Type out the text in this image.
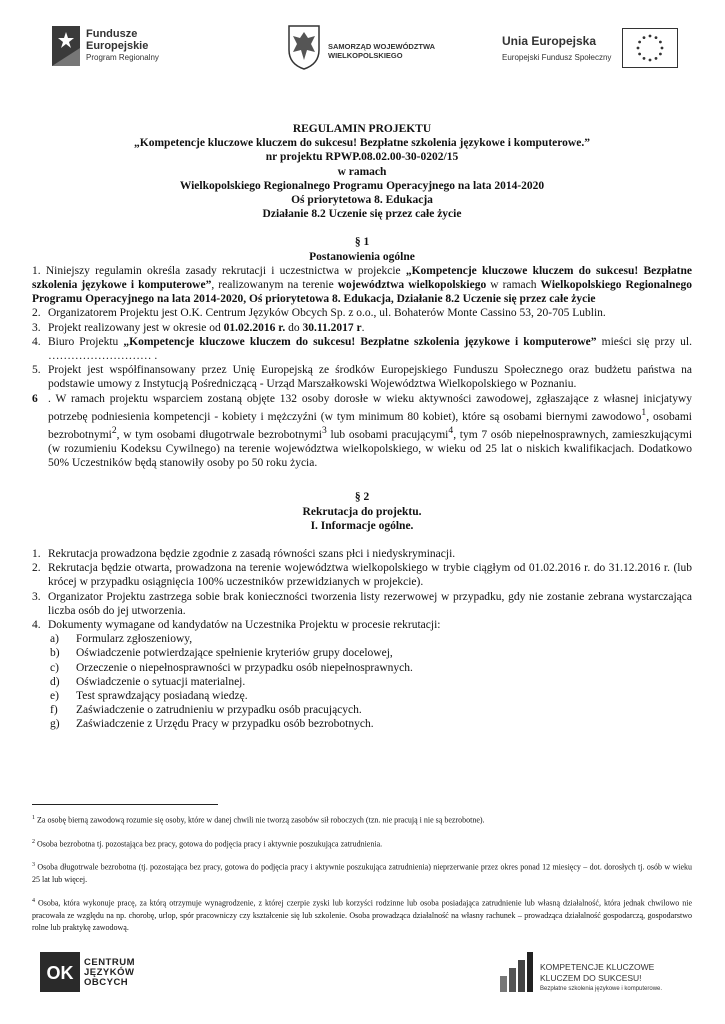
Fundusze
Europejskie
Program Regionalny
SAMORZĄD WOJEWÓDZTWA
WIELKOPOLSKIEGO
Unia Europejska
Europejski Fundusz Społeczny
REGULAMIN PROJEKTU
„Kompetencje kluczowe kluczem do sukcesu! Bezpłatne szkolenia językowe i komputerowe.”
nr projektu RPWP.08.02.00-30-0202/15
w ramach
Wielkopolskiego Regionalnego Programu Operacyjnego na lata 2014-2020
Oś priorytetowa 8. Edukacja
Działanie 8.2 Uczenie się przez całe życie
§ 1
Postanowienia ogólne
1. Niniejszy regulamin określa zasady rekrutacji i uczestnictwa w projekcie „Kompetencje kluczowe kluczem do sukcesu! Bezpłatne szkolenia językowe i komputerowe”, realizowanym na terenie województwa wielkopolskiego w ramach Wielkopolskiego Regionalnego Programu Operacyjnego na lata 2014-2020, Oś priorytetowa 8. Edukacja, Działanie 8.2 Uczenie się przez całe życie
2. Organizatorem Projektu jest O.K. Centrum Języków Obcych Sp. z o.o., ul. Bohaterów Monte Cassino 53, 20-705 Lublin.
3. Projekt realizowany jest w okresie od 01.02.2016 r. do 30.11.2017 r.
4. Biuro Projektu „Kompetencje kluczowe kluczem do sukcesu! Bezpłatne szkolenia językowe i komputerowe” mieści się przy ul. ……………………… .
5. Projekt jest współfinansowany przez Unię Europejską ze środków Europejskiego Funduszu Społecznego oraz budżetu państwa na podstawie umowy z Instytucją Pośredniczącą - Urząd Marszałkowski Województwa Wielkopolskiego w Poznaniu.
6 . W ramach projektu wsparciem zostaną objęte 132 osoby dorosłe w wieku aktywności zawodowej, zgłaszające z własnej inicjatywy potrzebę podniesienia kompetencji - kobiety i mężczyźni (w tym minimum 80 kobiet), które są osobami biernymi zawodowo$^1$, osobami bezrobotnymi$^2$, w tym osobami długotrwale bezrobotnymi$^3$ lub osobami pracującymi$^4$, tym 7 osób niepełnosprawnych, zamieszkującymi (w rozumieniu Kodeksu Cywilnego) na terenie województwa wielkopolskiego, w wieku od 25 lat o niskich kwalifikacjach. Dodatkowo 50% Uczestników będą stanowiły osoby po 50 roku życia.
§ 2
Rekrutacja do projektu.
I. Informacje ogólne.
1. Rekrutacja prowadzona będzie zgodnie z zasadą równości szans płci i niedyskryminacji.
2. Rekrutacja będzie otwarta, prowadzona na terenie województwa wielkopolskiego w trybie ciągłym od 01.02.2016 r. do 31.12.2016 r. (lub krócej w przypadku osiągnięcia 100% uczestników przewidzianych w projekcie).
3. Organizator Projektu zastrzega sobie brak konieczności tworzenia listy rezerwowej w przypadku, gdy nie zostanie zebrana wystarczająca liczba osób do jej utworzenia.
4. Dokumenty wymagane od kandydatów na Uczestnika Projektu w procesie rekrutacji:
a) Formularz zgłoszeniowy,
b) Oświadczenie potwierdzające spełnienie kryteriów grupy docelowej,
c) Orzeczenie o niepełnosprawności w przypadku osób niepełnosprawnych.
d) Oświadczenie o sytuacji materialnej.
e) Test sprawdzający posiadaną wiedzę.
f) Zaświadczenie o zatrudnieniu w przypadku osób pracujących.
g) Zaświadczenie z Urzędu Pracy w przypadku osób bezrobotnych.

$^1$ Za osobę bierną zawodową rozumie się osoby, które w danej chwili nie tworzą zasobów sił roboczych (tzn. nie pracują i nie są bezrobotne).

$^2$ Osoba bezrobotna tj. pozostająca bez pracy, gotowa do podjęcia pracy i aktywnie poszukująca zatrudnienia.

$^3$ Osoba długotrwale bezrobotna (tj. pozostająca bez pracy, gotowa do podjęcia pracy i aktywnie poszukująca zatrudnienia) nieprzerwanie przez okres ponad 12 miesięcy – dot. dorosłych tj. osób w wieku 25 lat lub więcej.

$^4$ Osoba, która wykonuje pracę, za którą otrzymuje wynagrodzenie, z której czerpie zyski lub korzyści rodzinne lub osoba posiadająca zatrudnienie lub własną działalność, która jednak chwilowo nie pracowała ze względu na np. chorobę, urlop, spór pracowniczy czy kształcenie się lub szkolenie. Osoba prowadząca działalność na własny rachunek – prowadząca działalność gospodarczą, gospodarstwo rolne lub praktykę zawodową.

OK
CENTRUM
JĘZYKÓW
OBCYCH
KOMPETENCJE KLUCZOWE
KLUCZEM DO SUKCESU!
Bezpłatne szkolenia językowe i komputerowe.
